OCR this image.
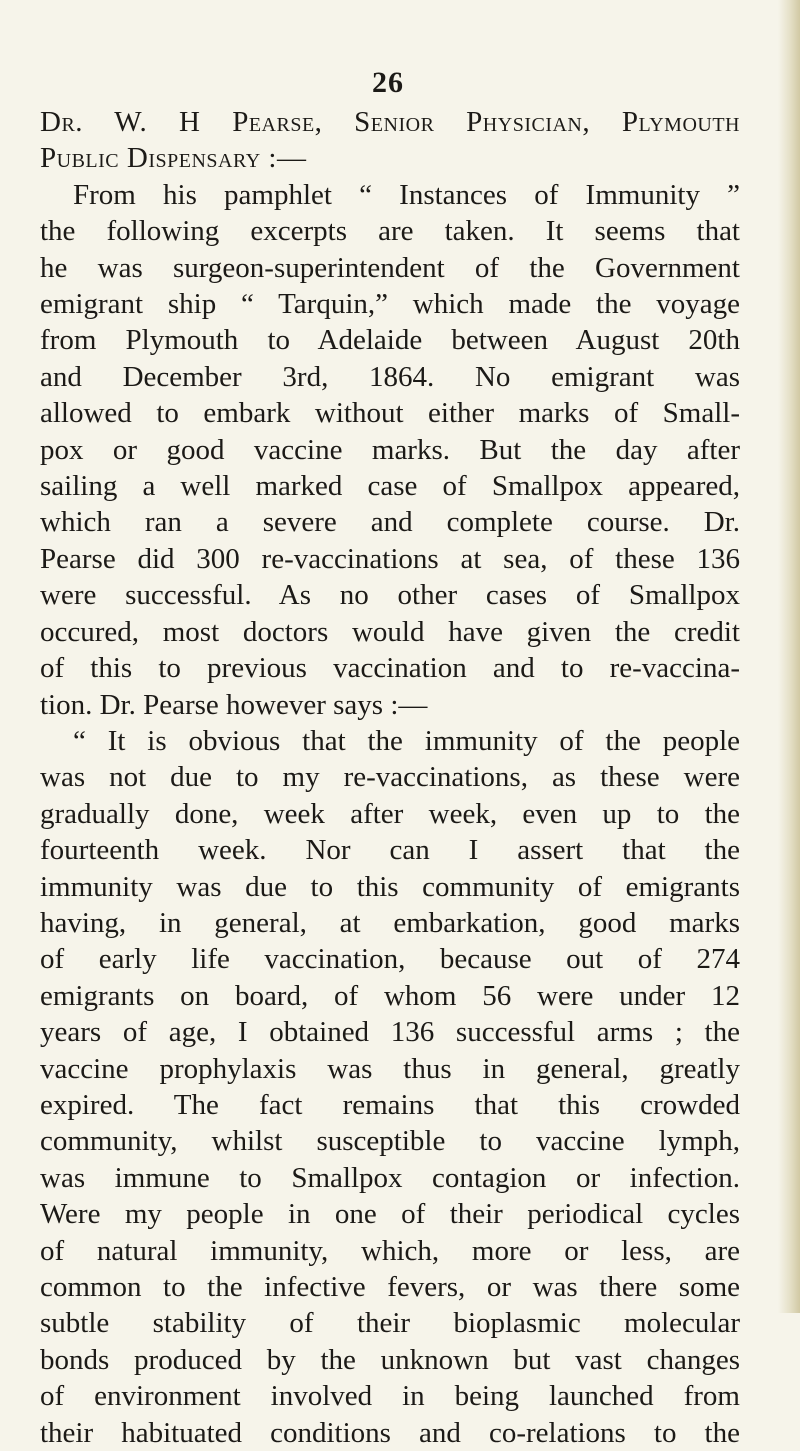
26
Dr. W. H Pearse, Senior Physician, Plymouth
Public Dispensary :—
From his pamphlet “ Instances of Immunity ”
the following excerpts are taken. It seems that
he was surgeon-superintendent of the Government
emigrant ship “ Tarquin,” which made the voyage
from Plymouth to Adelaide between August 20th
and December 3rd, 1864. No emigrant was
allowed to embark without either marks of Small-
pox or good vaccine marks. But the day after
sailing a well marked case of Smallpox appeared,
which ran a severe and complete course. Dr.
Pearse did 300 re-vaccinations at sea, of these 136
were successful. As no other cases of Smallpox
occured, most doctors would have given the credit
of this to previous vaccination and to re-vaccina-
tion. Dr. Pearse however says :—
“ It is obvious that the immunity of the people
was not due to my re-vaccinations, as these were
gradually done, week after week, even up to the
fourteenth week. Nor can I assert that the
immunity was due to this community of emigrants
having, in general, at embarkation, good marks
of early life vaccination, because out of 274
emigrants on board, of whom 56 were under 12
years of age, I obtained 136 successful arms ; the
vaccine prophylaxis was thus in general, greatly
expired. The fact remains that this crowded
community, whilst susceptible to vaccine lymph,
was immune to Smallpox contagion or infection.
Were my people in one of their periodical cycles
of natural immunity, which, more or less, are
common to the infective fevers, or was there some
subtle stability of their bioplasmic molecular
bonds produced by the unknown but vast changes
of environment involved in being launched from
their habituated conditions and co-relations to the
